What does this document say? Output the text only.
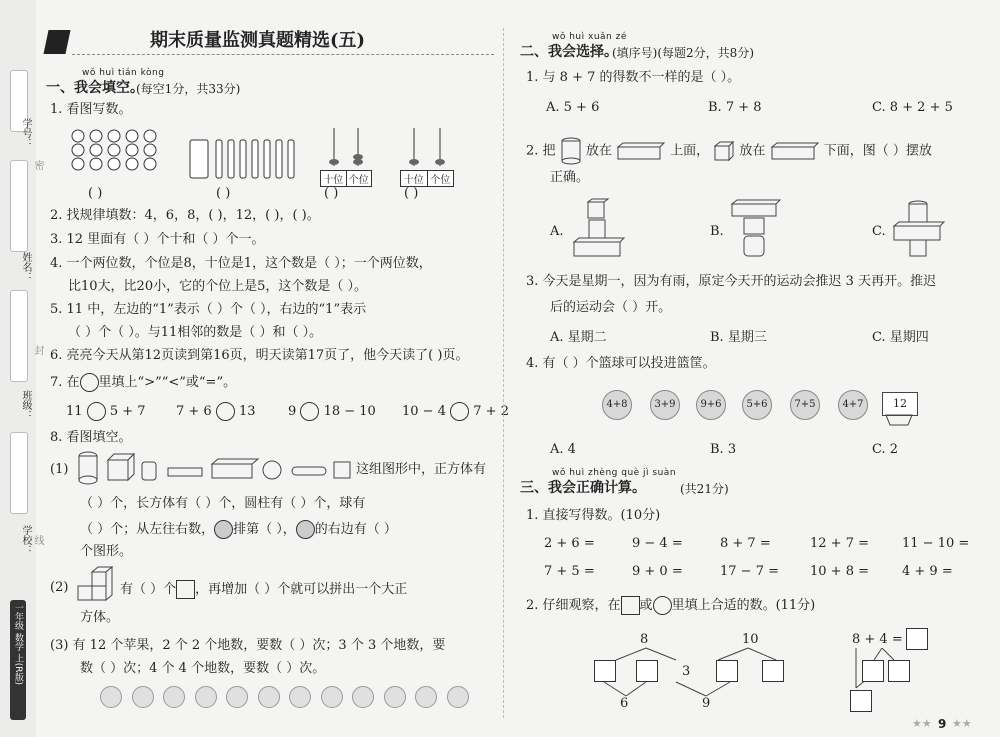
学号：
姓名：
班级：
学校：
密
封
线
一年级 数学 上(R版)
期末质量监测真题精选(五)
wǒ huì tián kòng
一、我会填空。
(每空1分，共33分)
1. 看图写数。
十位 个位	十位 个位
( )	( )	( )	( )
2. 找规律填数：4，6，8，( )，12，( )，( )。
3. 12 里面有（ ）个十和（ ）个一。
4. 一个两位数，个位是8，十位是1，这个数是（ ）；一个两位数，
比10大，比20小，它的个位上是5，这个数是（ ）。
5. 11 中，左边的“1”表示（ ）个（ ），右边的“1”表示
（ ）个（ ）。与11相邻的数是（ ）和（ ）。
6. 亮亮今天从第12页读到第16页，明天读第17页了，他今天读了( )页。
7. 在 里填上“>”“<”或“=”。
11 5 + 7 7 + 6 13 9 18 − 10 10 − 4 7 + 2
8. 看图填空。
(1)	这组图形中，正方体有
（ ）个，长方体有（ ）个，圆柱有（ ）个，球有
（ ）个；从左往右数， 排第（ ）， 的右边有（ ）
个图形。
(2)	有（ ）个 ，再增加（ ）个就可以拼出一个大正
方体。
(3) 有 12 个苹果，2 个 2 个地数，要数（ ）次；3 个 3 个地数，要
数（ ）次；4 个 4 个地数，要数（ ）次。
wǒ huì xuǎn zé
二、我会选择。
(填序号)(每题2分，共8分)
1. 与 8 + 7 的得数不一样的是（ ）。
A. 5 + 6	B. 7 + 8	C. 8 + 2 + 5
2. 把 放在	上面， 放在	下面，图（ ）摆放
正确。
A.	B.	C.
3. 今天是星期一，因为有雨，原定今天开的运动会推迟 3 天再开。推迟
后的运动会（ ）开。
A. 星期二	B. 星期三	C. 星期四
4. 有（ ）个篮球可以投进篮筐。
4+8	3+9	9+6	5+6	7+5	4+7	12
A. 4	B. 3	C. 2
wǒ huì zhèng què jì suàn
三、我会正确计算。	(共21分)
1. 直接写得数。(10分)
2 + 6 =	9 − 4 =	8 + 7 =	12 + 7 =	11 − 10 =
7 + 5 =	9 + 0 =	17 − 7 = 10 + 8 =	4 + 9 =
2. 仔细观察，在 或 里填上合适的数。(11分)
8	10
3
6	9
8 + 4 =
★★ 9 ★★
